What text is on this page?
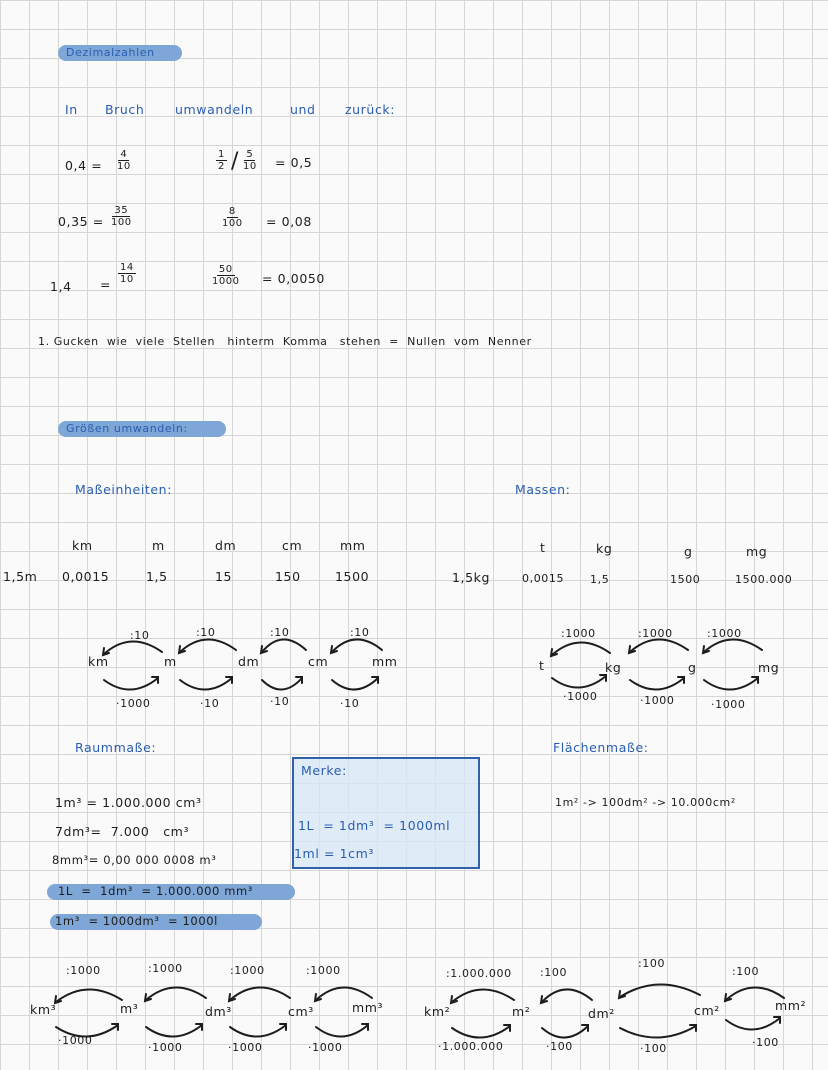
Dezimalzahlen
In Bruch umwandeln	und zurück:
$0,4 = \frac{4}{10}$	$\frac{1}{2} / \frac{5}{10} = 0,5$
$0,35 = \frac{35}{100}$	$\frac{8}{100} = 0,08$
$1,4 = \frac{14}{10}$	$\frac{50}{1000} = 0,0050$
1. Gucken  wie  viele  Stellen   hinterm  Komma   stehen  =  Nullen  vom  Nenner
Größen umwandeln:
Maßeinheiten:	Massen:
km	m	dm	cm	mm
1,5m 0,0015	1,5	15	150	1500
t	kg	g	mg
1,5kg	0,0015 1,5	1500	1500.000
km	m	dm	cm	mm
:10	:10	:10	:10
·1000	·10	·10	·10
t	kg	g	mg
:1000	:1000	:1000
·1000	·1000	·1000
Raummaße:
1m³ = 1.000.000 cm³
7dm³=  7.000   cm³
8mm³= 0,00 000 0008 m³
1L  =  1dm³  = 1.000.000 mm³
1m³  = 1000dm³  = 1000l
Merke:
1L  = 1dm³  = 1000ml
1ml = 1cm³
Flächenmaße:
1m² -> 100dm² -> 10.000cm²
km³	m³	dm³	cm³	mm³
:1000	:1000	:1000	:1000
·1000
·1000	·1000	·1000
km²	m²	dm²	cm²	mm²
:1.000.000	:100
:100
:100
·1.000.000	·100	·100	·100
